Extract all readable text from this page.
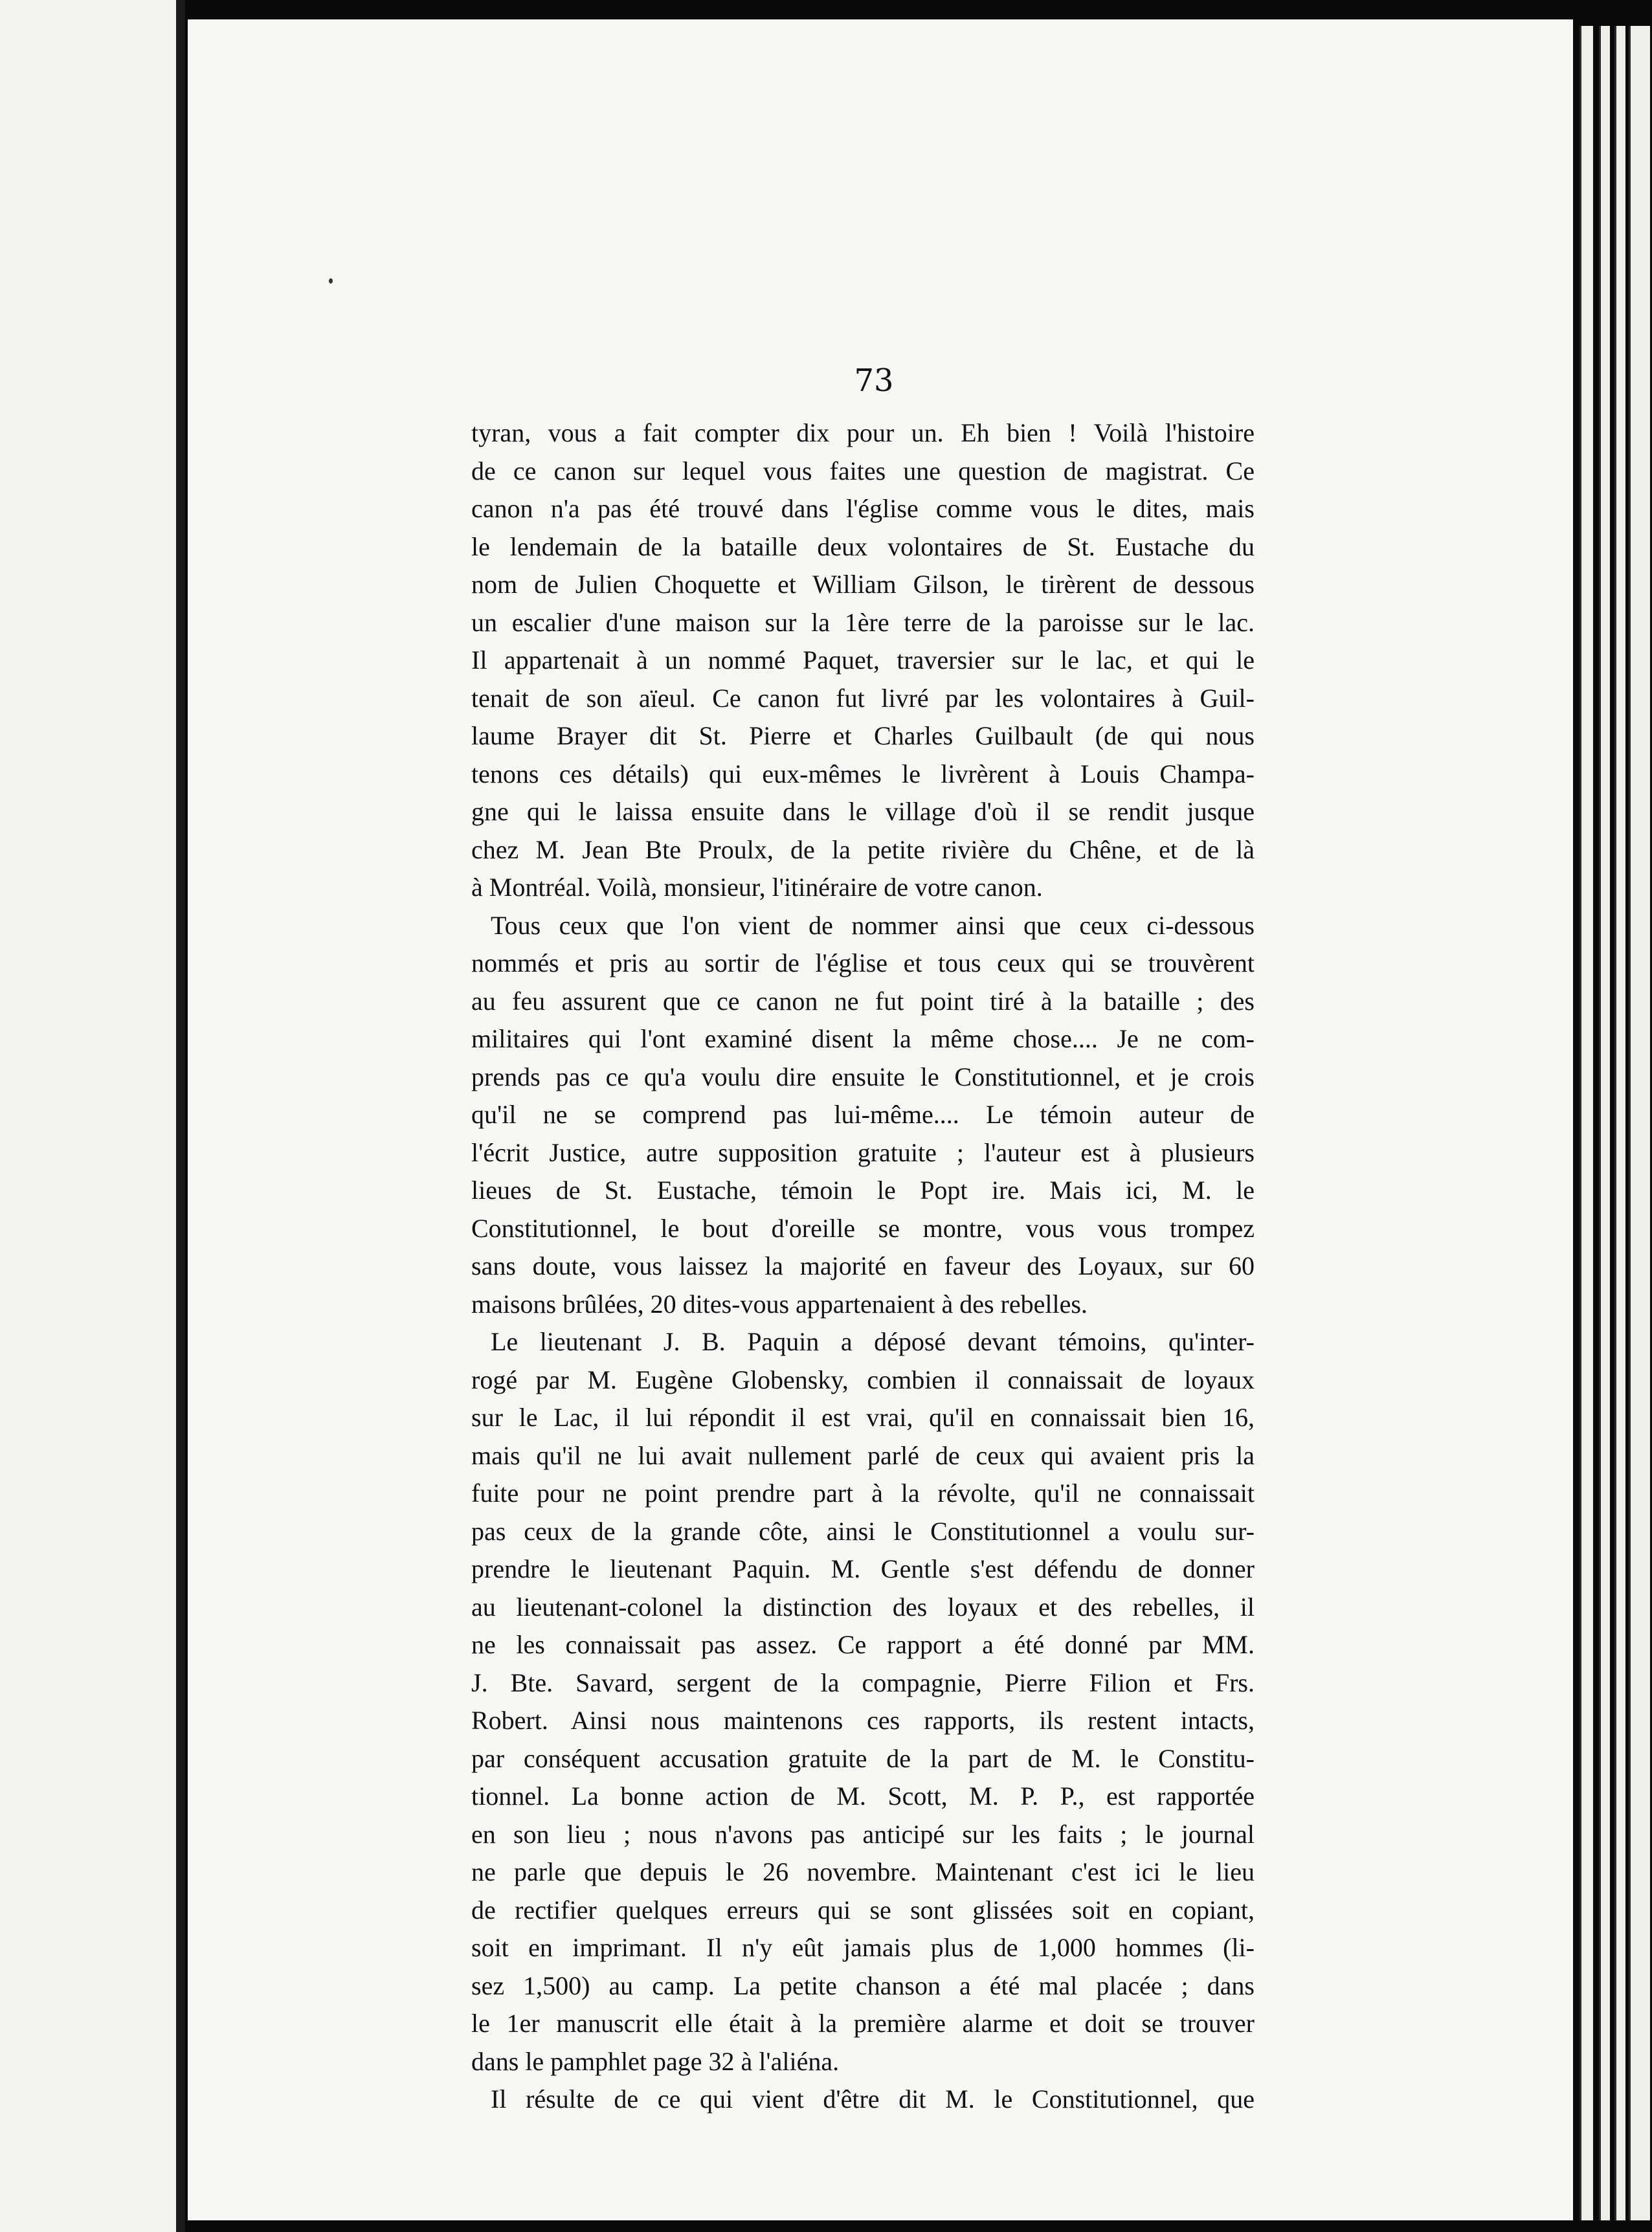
73
tyran, vous a fait compter dix pour un. Eh bien ! Voilà l'histoire
de ce canon sur lequel vous faites une question de magistrat. Ce
canon n'a pas été trouvé dans l'église comme vous le dites, mais
le lendemain de la bataille deux volontaires de St. Eustache du
nom de Julien Choquette et William Gilson, le tirèrent de dessous
un escalier d'une maison sur la 1ère terre de la paroisse sur le lac.
Il appartenait à un nommé Paquet, traversier sur le lac, et qui le
tenait de son aïeul. Ce canon fut livré par les volontaires à Guil-
laume Brayer dit St. Pierre et Charles Guilbault (de qui nous
tenons ces détails) qui eux-mêmes le livrèrent à Louis Champa-
gne qui le laissa ensuite dans le village d'où il se rendit jusque
chez M. Jean Bte Proulx, de la petite rivière du Chêne, et de là
à Montréal. Voilà, monsieur, l'itinéraire de votre canon.
Tous ceux que l'on vient de nommer ainsi que ceux ci-dessous
nommés et pris au sortir de l'église et tous ceux qui se trouvèrent
au feu assurent que ce canon ne fut point tiré à la bataille ; des
militaires qui l'ont examiné disent la même chose.... Je ne com-
prends pas ce qu'a voulu dire ensuite le Constitutionnel, et je crois
qu'il ne se comprend pas lui-même.... Le témoin auteur de
l'écrit Justice, autre supposition gratuite ; l'auteur est à plusieurs
lieues de St. Eustache, témoin le Popt ire. Mais ici, M. le
Constitutionnel, le bout d'oreille se montre, vous vous trompez
sans doute, vous laissez la majorité en faveur des Loyaux, sur 60
maisons brûlées, 20 dites-vous appartenaient à des rebelles.
Le lieutenant J. B. Paquin a déposé devant témoins, qu'inter-
rogé par M. Eugène Globensky, combien il connaissait de loyaux
sur le Lac, il lui répondit il est vrai, qu'il en connaissait bien 16,
mais qu'il ne lui avait nullement parlé de ceux qui avaient pris la
fuite pour ne point prendre part à la révolte, qu'il ne connaissait
pas ceux de la grande côte, ainsi le Constitutionnel a voulu sur-
prendre le lieutenant Paquin. M. Gentle s'est défendu de donner
au lieutenant-colonel la distinction des loyaux et des rebelles, il
ne les connaissait pas assez. Ce rapport a été donné par MM.
J. Bte. Savard, sergent de la compagnie, Pierre Filion et Frs.
Robert. Ainsi nous maintenons ces rapports, ils restent intacts,
par conséquent accusation gratuite de la part de M. le Constitu-
tionnel. La bonne action de M. Scott, M. P. P., est rapportée
en son lieu ; nous n'avons pas anticipé sur les faits ; le journal
ne parle que depuis le 26 novembre. Maintenant c'est ici le lieu
de rectifier quelques erreurs qui se sont glissées soit en copiant,
soit en imprimant. Il n'y eût jamais plus de 1,000 hommes (li-
sez 1,500) au camp. La petite chanson a été mal placée ; dans
le 1er manuscrit elle était à la première alarme et doit se trouver
dans le pamphlet page 32 à l'aliéna.
Il résulte de ce qui vient d'être dit M. le Constitutionnel, que
